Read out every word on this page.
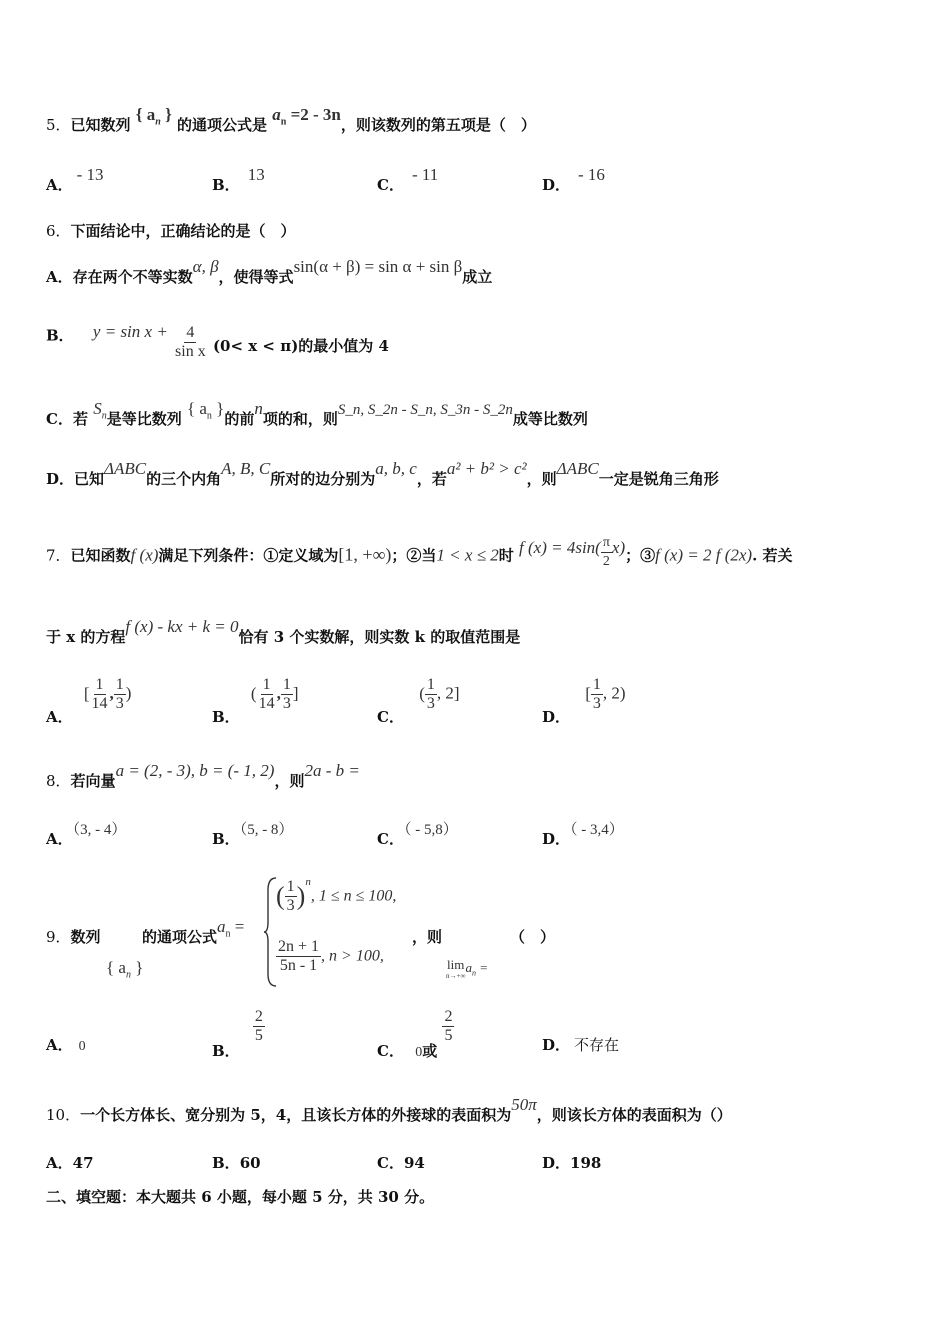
5．已知数列 { $a_n$ } 的通项公式是 $a_n =2 - 3n$，则该数列的第五项是（　）
A．- 13
B．13
C．- 11
D．- 16
6．下面结论中，正确结论的是（　）
A．存在两个不等实数α, β，使得等式sin(α + β) = sin α + sin β成立
B． $y = \sin x + \frac{4}{\text{sin x}} (0< x < \pi)$的最小值为 4
C．若 $S_n$是等比数列 { $a_n$ }的前n项的和，则S_n, S_2n - S_n, S_3n - S_2n成等比数列
D．已知ΔABC的三个内角A, B, C所对的边分别为a, b, c，若a² + b² > c²，则ΔABC一定是锐角三角形
7．已知函数f (x)满足下列条件：①定义域为[1, +∞)；②当1 < x ≤ 2时 f $(x) = 4\sin( \frac{\pi}{2} x)$；③f (x) = 2 f (2x). 若关
于 x 的方程f (x) - kx + k = 0恰有 3 个实数解，则实数 k 的取值范围是
A． [ $\frac{1}{14}$ , $\frac{1}{3}$ )
B． ( $\frac{1}{14}$ , $\frac{1}{3}$ ]
C． ( $\frac{1}{3}$ , 2]
D． [ $\frac{1}{3}$ , 2)
8．若向量a = (2, - 3), b = (- 1, 2)，则2a - b =
A．（3, - 4）	B．（5, - 8）	C．（ - 5,8）	D．（ - 3,4）
9．数列
{ $a_n$ }
的通项公式$a_n$ =
( $\frac{1}{3} )^n$, 1 ≤ n ≤ 100,
$\frac{2n + 1}{5n - 1}$ , n > 100,
，则
lim
n→+∞
$a_n$ =
（　）
A． 0	B．
$\frac{2}{5}$
C． 0或
$\frac{2}{5}$	D． 不存在
10．一个长方体长、宽分别为 5，4，且该长方体的外接球的表面积为50π，则该长方体的表面积为（）
A．47	B．60	C．94	D．198
二、填空题：本大题共 6 小题，每小题 5 分，共 30 分。
